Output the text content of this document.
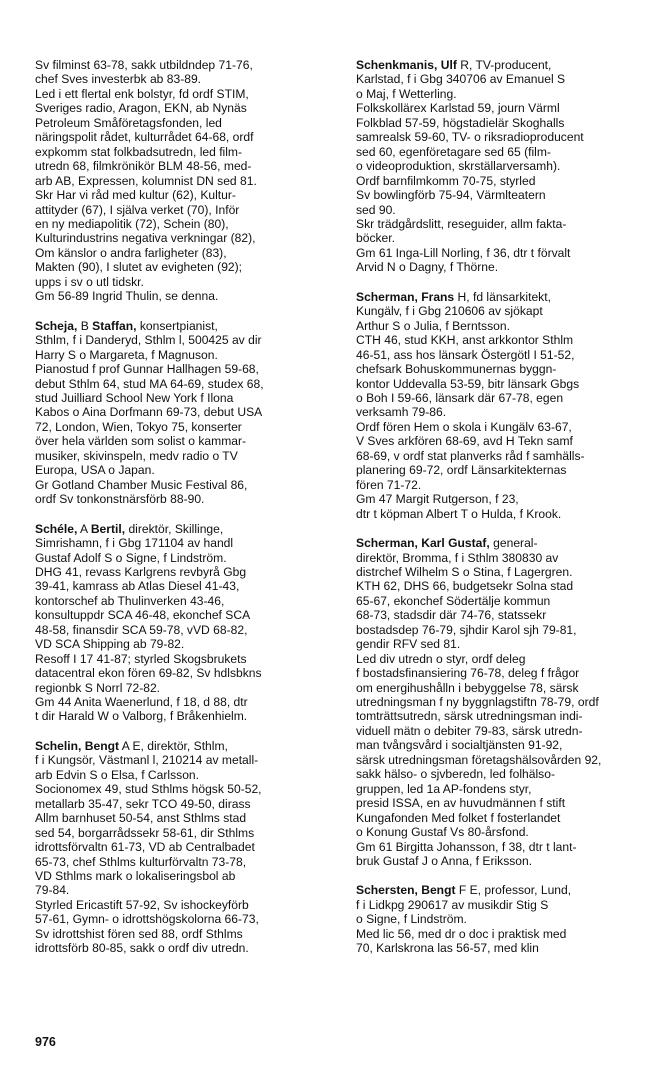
Sv filminst 63-78, sakk utbildndep 71-76,
chef Sves investerbk ab 83-89.
Led i ett flertal enk bolstyr, fd ordf STIM,
Sveriges radio, Aragon, EKN, ab Nynäs
Petroleum Småföretagsfonden, led
näringspolit rådet, kulturrådet 64-68, ordf
expkomm stat folkbadsutredn, led film-
utredn 68, filmkrönikör BLM 48-56, med-
arb AB, Expressen, kolumnist DN sed 81.
Skr Har vi råd med kultur (62), Kultur-
attityder (67), I själva verket (70), Inför
en ny mediapolitik (72), Schein (80),
Kulturindustrins negativa verkningar (82),
Om känslor o andra farligheter (83),
Makten (90), I slutet av evigheten (92);
upps i sv o utl tidskr.
Gm 56-89 Ingrid Thulin, se denna.
Scheja, B Staffan, konsertpianist,
Sthlm, f i Danderyd, Sthlm l, 500425 av dir
Harry S o Margareta, f Magnuson.
Pianostud f prof Gunnar Hallhagen 59-68,
debut Sthlm 64, stud MA 64-69, studex 68,
stud Juilliard School New York f Ilona
Kabos o Aina Dorfmann 69-73, debut USA
72, London, Wien, Tokyo 75, konserter
över hela världen som solist o kammar-
musiker, skivinspeln, medv radio o TV
Europa, USA o Japan.
Gr Gotland Chamber Music Festival 86,
ordf Sv tonkonstnärsförb 88-90.
Schéle, A Bertil, direktör, Skillinge,
Simrishamn, f i Gbg 171104 av handl
Gustaf Adolf S o Signe, f Lindström.
DHG 41, revass Karlgrens revbyrå Gbg
39-41, kamrass ab Atlas Diesel 41-43,
kontorschef ab Thulinverken 43-46,
konsultuppdr SCA 46-48, ekonchef SCA
48-58, finansdir SCA 59-78, vVD 68-82,
VD SCA Shipping ab 79-82.
Resoff I 17 41-87; styrled Skogsbrukets
datacentral ekon fören 69-82, Sv hdlsbkns
regionbk S Norrl 72-82.
Gm 44 Anita Waenerlund, f 18, d 88, dtr
t dir Harald W o Valborg, f Bråkenhielm.
Schelin, Bengt A E, direktör, Sthlm,
f i Kungsör, Västmanl l, 210214 av metall-
arb Edvin S o Elsa, f Carlsson.
Socionomex 49, stud Sthlms högsk 50-52,
metallarb 35-47, sekr TCO 49-50, dirass
Allm barnhuset 50-54, anst Sthlms stad
sed 54, borgarrådssekr 58-61, dir Sthlms
idrottsförvaltn 61-73, VD ab Centralbadet
65-73, chef Sthlms kulturförvaltn 73-78,
VD Sthlms mark o lokaliseringsbol ab
79-84.
Styrled Ericastift 57-92, Sv ishockeyförb
57-61, Gymn- o idrottshögskolorna 66-73,
Sv idrottshist fören sed 88, ordf Sthlms
idrottsförb 80-85, sakk o ordf div utredn.
Schenkmanis, Ulf R, TV-producent,
Karlstad, f i Gbg 340706 av Emanuel S
o Maj, f Wetterling.
Folkskollärex Karlstad 59, journ Värml
Folkblad 57-59, högstadielär Skoghalls
samrealsk 59-60, TV- o riksradioproducent
sed 60, egenföretagare sed 65 (film-
o videoproduktion, skrställarversamh).
Ordf barnfilmkomm 70-75, styrled
Sv bowlingförb 75-94, Värmlteatern
sed 90.
Skr trädgårdslitt, reseguider, allm fakta-
böcker.
Gm 61 Inga-Lill Norling, f 36, dtr t förvalt
Arvid N o Dagny, f Thörne.
Scherman, Frans H, fd länsarkitekt,
Kungälv, f i Gbg 210606 av sjökapt
Arthur S o Julia, f Berntsson.
CTH 46, stud KKH, anst arkkontor Sthlm
46-51, ass hos länsark Östergötl I 51-52,
chefsark Bohuskommunernas byggn-
kontor Uddevalla 53-59, bitr länsark Gbgs
o Boh I 59-66, länsark där 67-78, egen
verksamh 79-86.
Ordf fören Hem o skola i Kungälv 63-67,
V Sves arkfören 68-69, avd H Tekn samf
68-69, v ordf stat planverks råd f samhälls-
planering 69-72, ordf Länsarkitekternas
fören 71-72.
Gm 47 Margit Rutgerson, f 23,
dtr t köpman Albert T o Hulda, f Krook.
Scherman, Karl Gustaf, general-
direktör, Bromma, f i Sthlm 380830 av
distrchef Wilhelm S o Stina, f Lagergren.
KTH 62, DHS 66, budgetsekr Solna stad
65-67, ekonchef Södertälje kommun
68-73, stadsdir där 74-76, statssekr
bostadsdep 76-79, sjhdir Karol sjh 79-81,
gendir RFV sed 81.
Led div utredn o styr, ordf deleg
f bostadsfinansiering 76-78, deleg f frågor
om energihushålln i bebyggelse 78, särsk
utredningsman f ny byggnlagstiftn 78-79, ordf
tomträttsutredn, särsk utredningsman indi-
viduell mätn o debiter 79-83, särsk utredn-
man tvångsvård i socialtjänsten 91-92,
särsk utredningsman företagshälsovården 92,
sakk hälso- o sjvberedn, led folhälso-
gruppen, led 1a AP-fondens styr,
presid ISSA, en av huvudmännen f stift
Kungafonden Med folket f fosterlandet
o Konung Gustaf Vs 80-årsfond.
Gm 61 Birgitta Johansson, f 38, dtr t lant-
bruk Gustaf J o Anna, f Eriksson.
Schersten, Bengt F E, professor, Lund,
f i Lidkpg 290617 av musikdir Stig S
o Signe, f Lindström.
Med lic 56, med dr o doc i praktisk med
70, Karlskrona las 56-57, med klin
976
